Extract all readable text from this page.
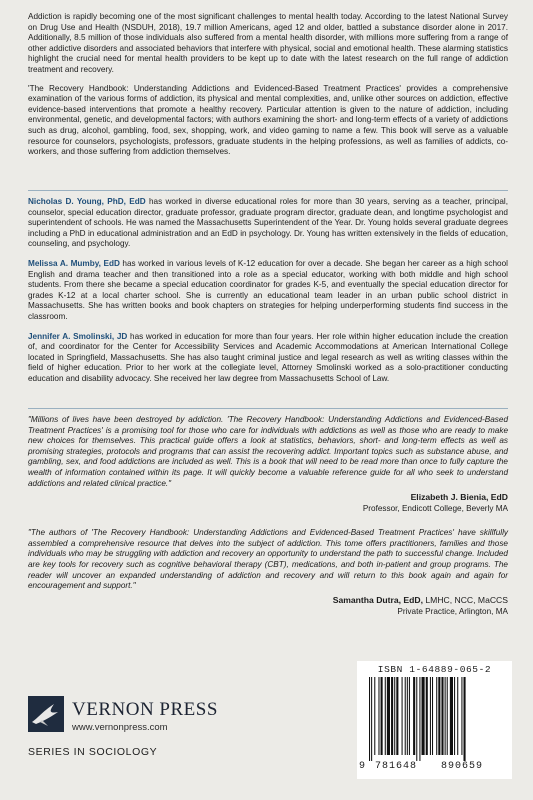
Addiction is rapidly becoming one of the most significant challenges to mental health today. According to the latest National Survey on Drug Use and Health (NSDUH, 2018), 19.7 million Americans, aged 12 and older, battled a substance disorder alone in 2017. Additionally, 8.5 million of those individuals also suffered from a mental health disorder, with millions more suffering from a range of other addictive disorders and associated behaviors that interfere with physical, social and emotional health. These alarming statistics highlight the crucial need for mental health providers to be kept up to date with the latest research on the full range of addiction treatment and recovery.

'The Recovery Handbook: Understanding Addictions and Evidenced-Based Treatment Practices' provides a comprehensive examination of the various forms of addiction, its physical and mental complexities, and, unlike other sources on addiction, effective evidence-based interventions that promote a healthy recovery. Particular attention is given to the nature of addiction, including environmental, genetic, and developmental factors; with authors examining the short- and long-term effects of a variety of addictions such as drug, alcohol, gambling, food, sex, shopping, work, and video gaming to name a few. This book will serve as a valuable resource for counselors, psychologists, professors, graduate students in the helping professions, as well as families of addicts, co-workers, and those suffering from addiction themselves.

Nicholas D. Young, PhD, EdD has worked in diverse educational roles for more than 30 years, serving as a teacher, principal, counselor, special education director, graduate professor, graduate program director, graduate dean, and longtime psychologist and superintendent of schools. He was named the Massachusetts Superintendent of the Year. Dr. Young holds several graduate degrees including a PhD in educational administration and an EdD in psychology. Dr. Young has written extensively in the fields of education, counseling, and psychology.

Melissa A. Mumby, EdD has worked in various levels of K-12 education for over a decade. She began her career as a high school English and drama teacher and then transitioned into a role as a special educator, working with both middle and high school students. From there she became a special education coordinator for grades K-5, and eventually the special education director for grades K-12 at a local charter school. She is currently an educational team leader in an urban public school district in Massachusetts. She has written books and book chapters on strategies for helping underperforming students find success in the classroom.

Jennifer A. Smolinski, JD has worked in education for more than four years. Her role within higher education include the creation of, and coordinator for the Center for Accessibility Services and Academic Accommodations at American International College located in Springfield, Massachusetts. She has also taught criminal justice and legal research as well as writing classes within the field of higher education. Prior to her work at the collegiate level, Attorney Smolinski worked as a solo-practitioner conducting education and disability advocacy. She received her law degree from Massachusetts School of Law.

"Millions of lives have been destroyed by addiction. 'The Recovery Handbook: Understanding Addictions and Evidenced-Based Treatment Practices' is a promising tool for those who care for individuals with addictions as well as those who are ready to make new choices for themselves. This practical guide offers a look at statistics, behaviors, short- and long-term effects as well as promising strategies, protocols and programs that can assist the recovering addict. Important topics such as substance abuse, and gambling, sex, and food addictions are included as well. This is a book that will need to be read more than once to fully capture the wealth of information contained within its page. It will quickly become a valuable reference guide for all who seek to understand addictions and related clinical practice."

Elizabeth J. Bienia, EdD
Professor, Endicott College, Beverly MA

"The authors of 'The Recovery Handbook: Understanding Addictions and Evidenced-Based Treatment Practices' have skillfully assembled a comprehensive resource that delves into the subject of addiction. This tome offers practitioners, families and those individuals who may be struggling with addiction and recovery an opportunity to understand the path to successful change. Included are key tools for recovery such as cognitive behavioral therapy (CBT), medications, and both in-patient and group programs. The reader will uncover an expanded understanding of addiction and recovery and will return to this book again and again for encouragement and support."

Samantha Dutra, EdD, LMHC, NCC, MaCCS
Private Practice, Arlington, MA
VERNON PRESS
www.vernonpress.com
SERIES IN SOCIOLOGY
ISBN 1-64889-065-2
9 781648 890659
